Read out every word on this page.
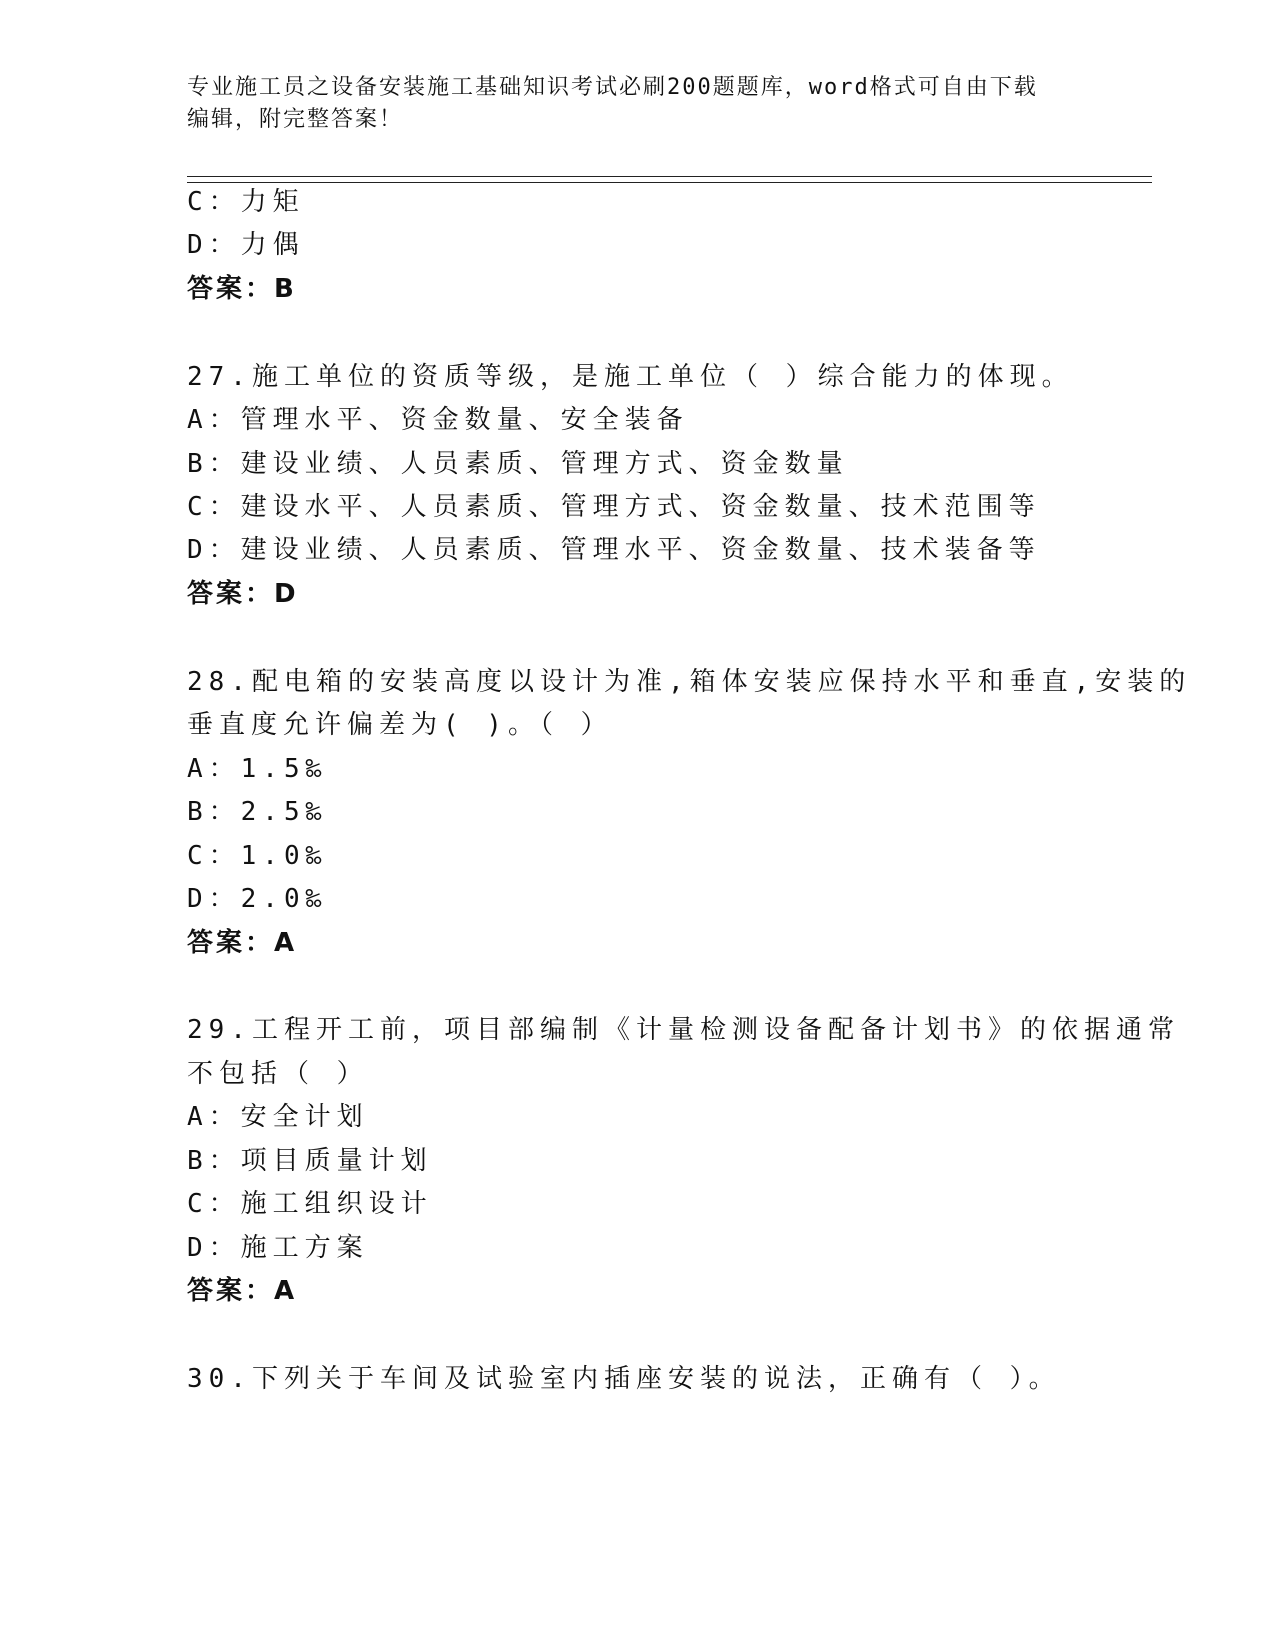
专业施工员之设备安装施工基础知识考试必刷200题题库，word格式可自由下载
编辑，附完整答案！
C：力矩
D：力偶
答案：B
27.施工单位的资质等级，是施工单位（ ）综合能力的体现。
A：管理水平、资金数量、安全装备
B：建设业绩、人员素质、管理方式、资金数量
C：建设水平、人员素质、管理方式、资金数量、技术范围等
D：建设业绩、人员素质、管理水平、资金数量、技术装备等
答案：D
28.配电箱的安装高度以设计为准,箱体安装应保持水平和垂直,安装的
垂直度允许偏差为( )。（ ）
A：1.5‰
B：2.5‰
C：1.0‰
D：2.0‰
答案：A
29.工程开工前，项目部编制《计量检测设备配备计划书》的依据通常
不包括（ ）
A：安全计划
B：项目质量计划
C：施工组织设计
D：施工方案
答案：A
30.下列关于车间及试验室内插座安装的说法，正确有（ ）。
